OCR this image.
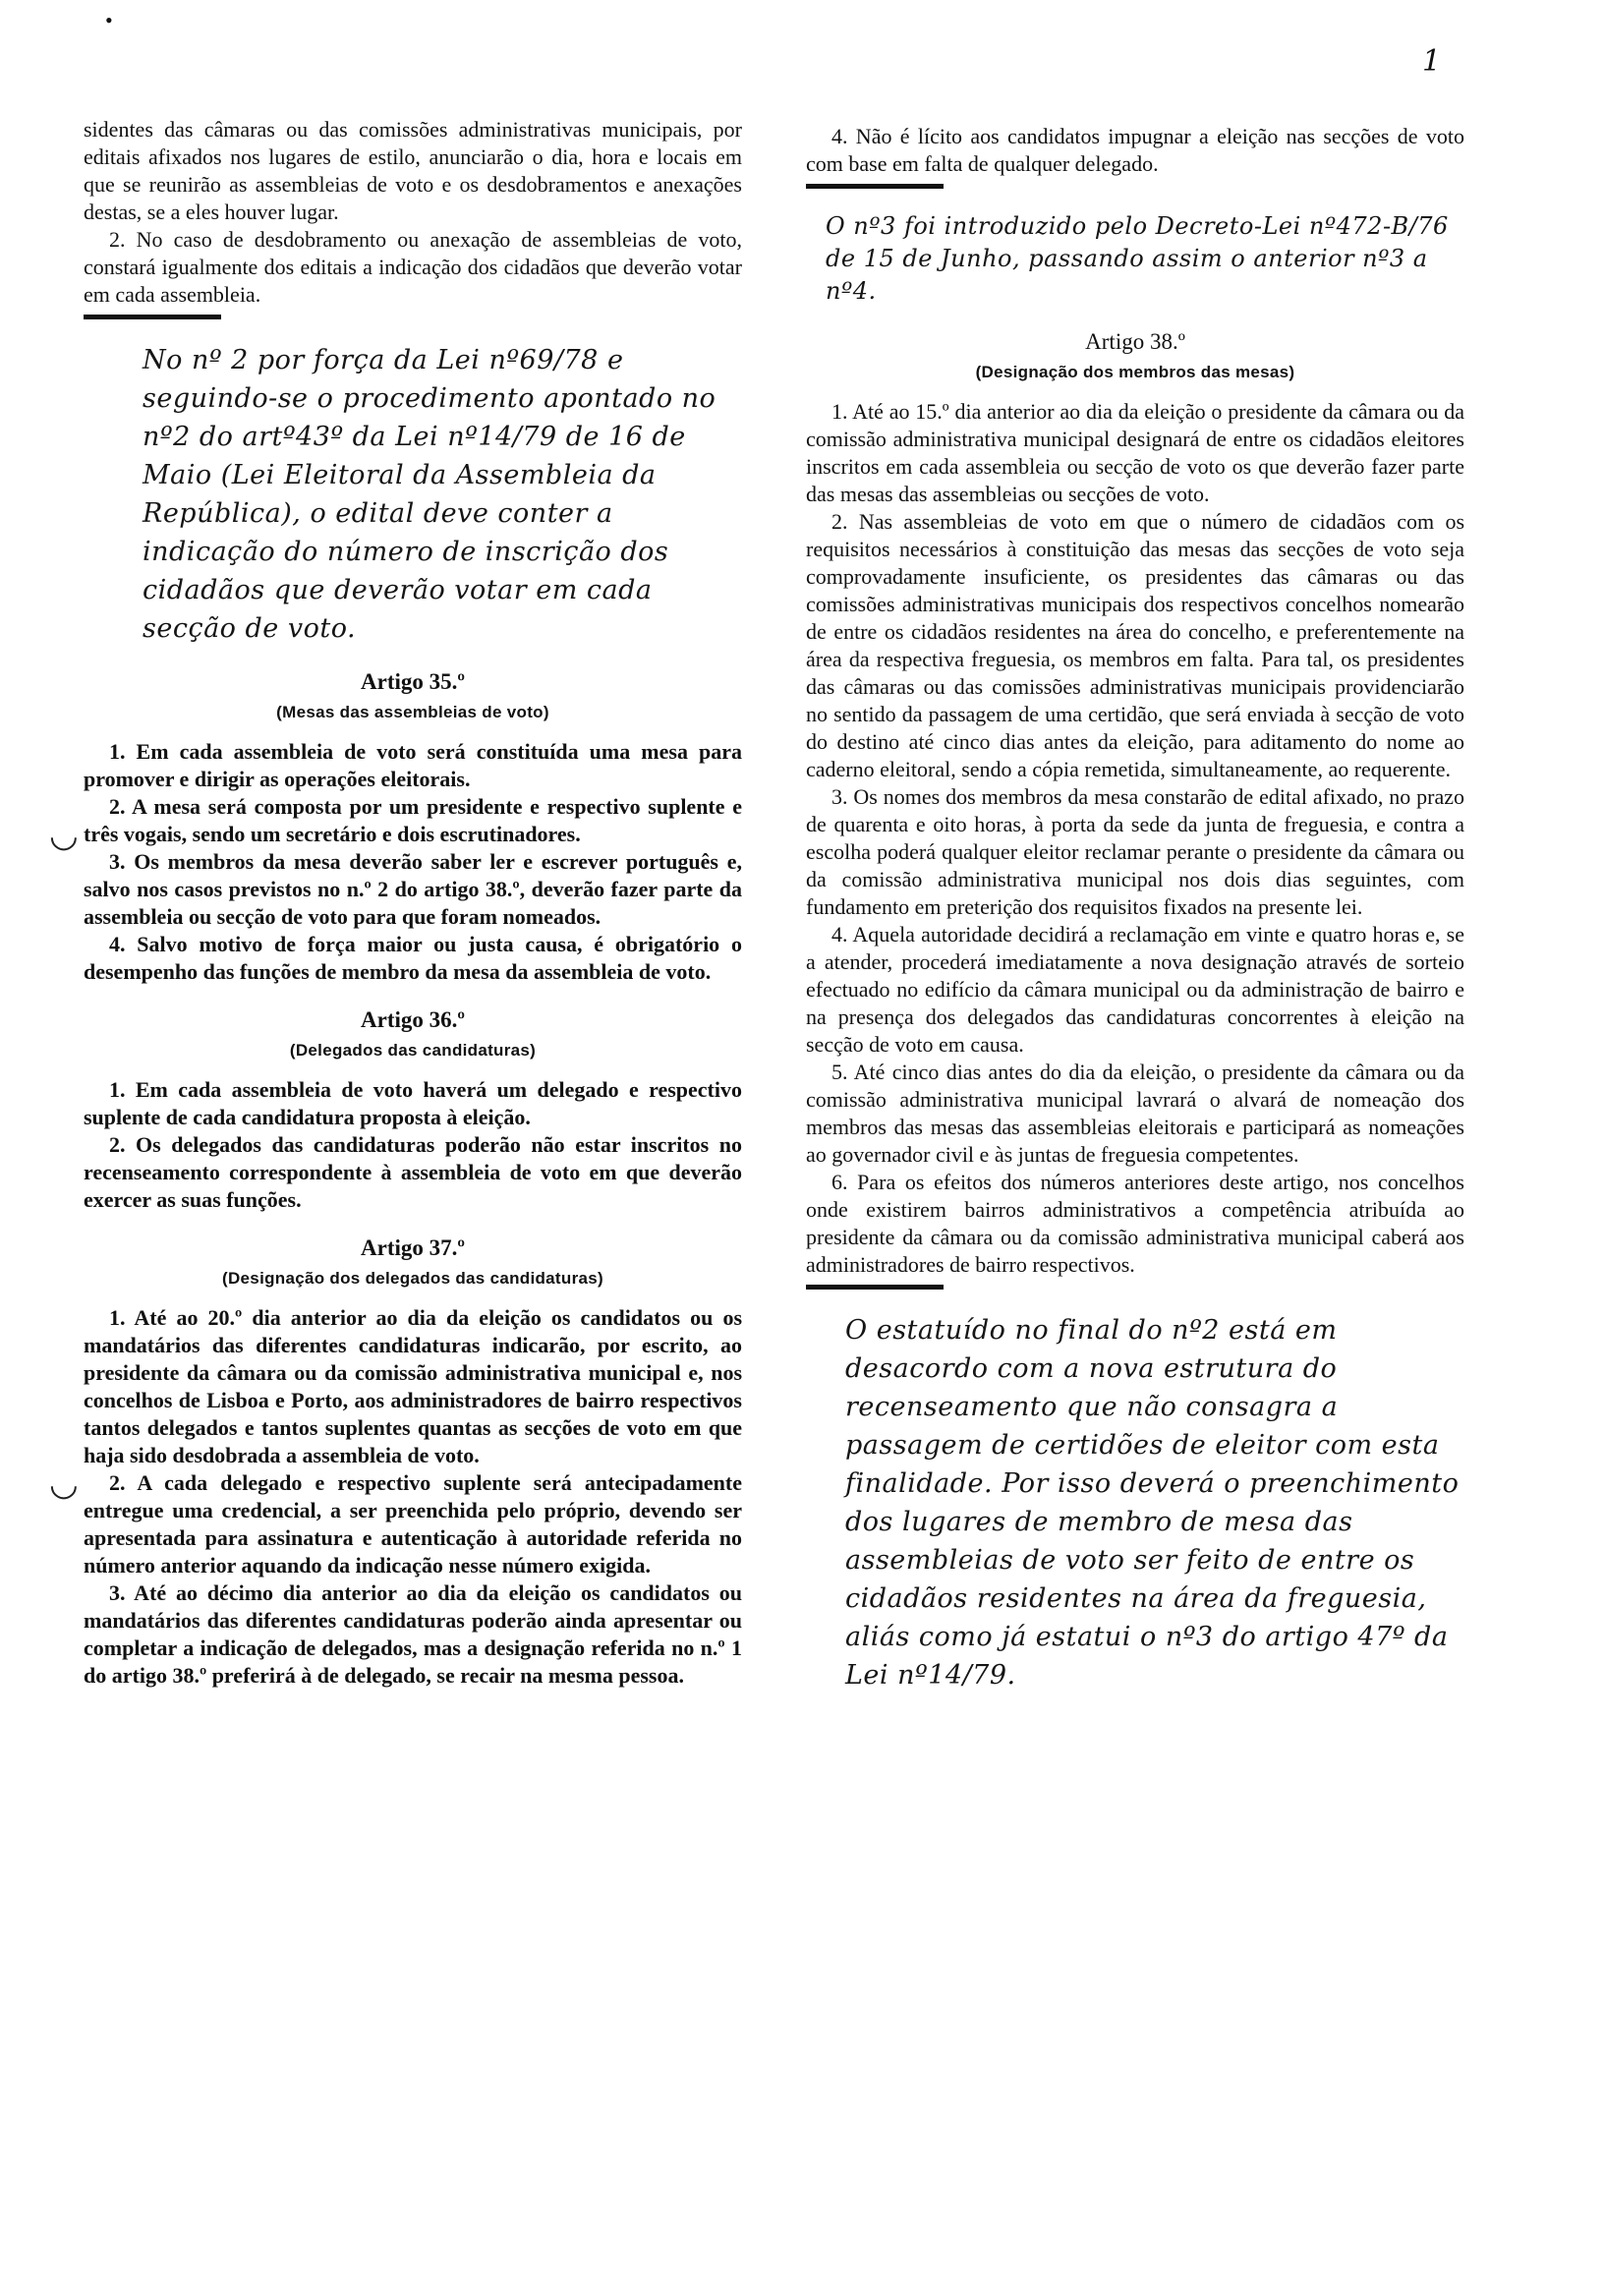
•
1
◡
◡

sidentes das câmaras ou das comissões administrativas municipais, por editais afixados nos lugares de estilo, anunciarão o dia, hora e locais em que se reunirão as assembleias de voto e os desdobramentos e anexações destas, se a eles houver lugar.

2. No caso de desdobramento ou anexação de assembleias de voto, constará igualmente dos editais a indicação dos cidadãos que deverão votar em cada assembleia.

No nº 2 por força da Lei nº69/78 e seguindo-se o procedimento apontado no nº2 do artº43º da Lei nº14/79 de 16 de Maio (Lei Eleitoral da Assembleia da República), o edital deve conter a indicação do número de inscrição dos cidadãos que deverão votar em cada secção de voto.

Artigo 35.º
(Mesas das assembleias de voto)

1. Em cada assembleia de voto será constituída uma mesa para promover e dirigir as operações eleitorais.

2. A mesa será composta por um presidente e respectivo suplente e três vogais, sendo um secretário e dois escrutinadores.

3. Os membros da mesa deverão saber ler e escrever português e, salvo nos casos previstos no n.º 2 do artigo 38.º, deverão fazer parte da assembleia ou secção de voto para que foram nomeados.

4. Salvo motivo de força maior ou justa causa, é obrigatório o desempenho das funções de membro da mesa da assembleia de voto.

Artigo 36.º
(Delegados das candidaturas)

1. Em cada assembleia de voto haverá um delegado e respectivo suplente de cada candidatura proposta à eleição.

2. Os delegados das candidaturas poderão não estar inscritos no recenseamento correspondente à assembleia de voto em que deverão exercer as suas funções.

Artigo 37.º
(Designação dos delegados das candidaturas)

1. Até ao 20.º dia anterior ao dia da eleição os candidatos ou os mandatários das diferentes candidaturas indicarão, por escrito, ao presidente da câmara ou da comissão administrativa municipal e, nos concelhos de Lisboa e Porto, aos administradores de bairro respectivos tantos delegados e tantos suplentes quantas as secções de voto em que haja sido desdobrada a assembleia de voto.

2. A cada delegado e respectivo suplente será antecipadamente entregue uma credencial, a ser preenchida pelo próprio, devendo ser apresentada para assinatura e autenticação à autoridade referida no número anterior aquando da indicação nesse número exigida.

3. Até ao décimo dia anterior ao dia da eleição os candidatos ou mandatários das diferentes candidaturas poderão ainda apresentar ou completar a indicação de delegados, mas a designação referida no n.º 1 do artigo 38.º preferirá à de delegado, se recair na mesma pessoa.

4. Não é lícito aos candidatos impugnar a eleição nas secções de voto com base em falta de qualquer delegado.

O nº3 foi introduzido pelo Decreto-Lei nº472-B/76 de 15 de Junho, passando assim o anterior nº3 a nº4.

Artigo 38.º
(Designação dos membros das mesas)

1. Até ao 15.º dia anterior ao dia da eleição o presidente da câmara ou da comissão administrativa municipal designará de entre os cidadãos eleitores inscritos em cada assembleia ou secção de voto os que deverão fazer parte das mesas das assembleias ou secções de voto.

2. Nas assembleias de voto em que o número de cidadãos com os requisitos necessários à constituição das mesas das secções de voto seja comprovadamente insuficiente, os presidentes das câmaras ou das comissões administrativas municipais dos respectivos concelhos nomearão de entre os cidadãos residentes na área do concelho, e preferentemente na área da respectiva freguesia, os membros em falta. Para tal, os presidentes das câmaras ou das comissões administrativas municipais providenciarão no sentido da passagem de uma certidão, que será enviada à secção de voto do destino até cinco dias antes da eleição, para aditamento do nome ao caderno eleitoral, sendo a cópia remetida, simultaneamente, ao requerente.

3. Os nomes dos membros da mesa constarão de edital afixado, no prazo de quarenta e oito horas, à porta da sede da junta de freguesia, e contra a escolha poderá qualquer eleitor reclamar perante o presidente da câmara ou da comissão administrativa municipal nos dois dias seguintes, com fundamento em preterição dos requisitos fixados na presente lei.

4. Aquela autoridade decidirá a reclamação em vinte e quatro horas e, se a atender, procederá imediatamente a nova designação através de sorteio efectuado no edifício da câmara municipal ou da administração de bairro e na presença dos delegados das candidaturas concorrentes à eleição na secção de voto em causa.

5. Até cinco dias antes do dia da eleição, o presidente da câmara ou da comissão administrativa municipal lavrará o alvará de nomeação dos membros das mesas das assembleias eleitorais e participará as nomeações ao governador civil e às juntas de freguesia competentes.

6. Para os efeitos dos números anteriores deste artigo, nos concelhos onde existirem bairros administrativos a competência atribuída ao presidente da câmara ou da comissão administrativa municipal caberá aos administradores de bairro respectivos.

O estatuído no final do nº2 está em desacordo com a nova estrutura do recenseamento que não consagra a passagem de certidões de eleitor com esta finalidade. Por isso deverá o preenchimento dos lugares de membro de mesa das assembleias de voto ser feito de entre os cidadãos residentes na área da freguesia, aliás como já estatui o nº3 do artigo 47º da Lei nº14/79.
